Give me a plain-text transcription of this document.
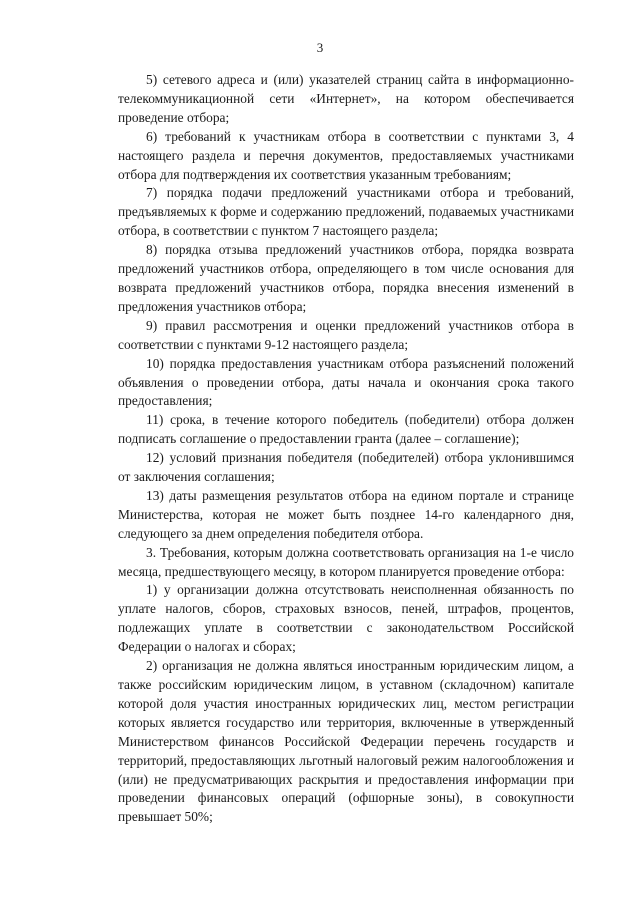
3

5) сетевого адреса и (или) указателей страниц сайта в информационно-телекоммуникационной сети «Интернет», на котором обеспечивается проведение отбора;

6) требований к участникам отбора в соответствии с пунктами 3, 4 настоящего раздела и перечня документов, предоставляемых участниками отбора для подтверждения их соответствия указанным требованиям;

7) порядка подачи предложений участниками отбора и требований, предъявляемых к форме и содержанию предложений, подаваемых участниками отбора, в соответствии с пунктом 7 настоящего раздела;

8) порядка отзыва предложений участников отбора, порядка возврата предложений участников отбора, определяющего в том числе основания для возврата предложений участников отбора, порядка внесения изменений в предложения участников отбора;

9) правил рассмотрения и оценки предложений участников отбора в соответствии с пунктами 9-12 настоящего раздела;

10) порядка предоставления участникам отбора разъяснений положений объявления о проведении отбора, даты начала и окончания срока такого предоставления;

11) срока, в течение которого победитель (победители) отбора должен подписать соглашение о предоставлении гранта (далее – соглашение);

12) условий признания победителя (победителей) отбора уклонившимся от заключения соглашения;

13) даты размещения результатов отбора на едином портале и странице Министерства, которая не может быть позднее 14-го календарного дня, следующего за днем определения победителя отбора.

3. Требования, которым должна соответствовать организация на 1-е число месяца, предшествующего месяцу, в котором планируется проведение отбора:

1) у организации должна отсутствовать неисполненная обязанность по уплате налогов, сборов, страховых взносов, пеней, штрафов, процентов, подлежащих уплате в соответствии с законодательством Российской Федерации о налогах и сборах;

2) организация не должна являться иностранным юридическим лицом, а также российским юридическим лицом, в уставном (складочном) капитале которой доля участия иностранных юридических лиц, местом регистрации которых является государство или территория, включенные в утвержденный Министерством финансов Российской Федерации перечень государств и территорий, предоставляющих льготный налоговый режим налогообложения и (или) не предусматривающих раскрытия и предоставления информации при проведении финансовых операций (офшорные зоны), в совокупности превышает 50%;
